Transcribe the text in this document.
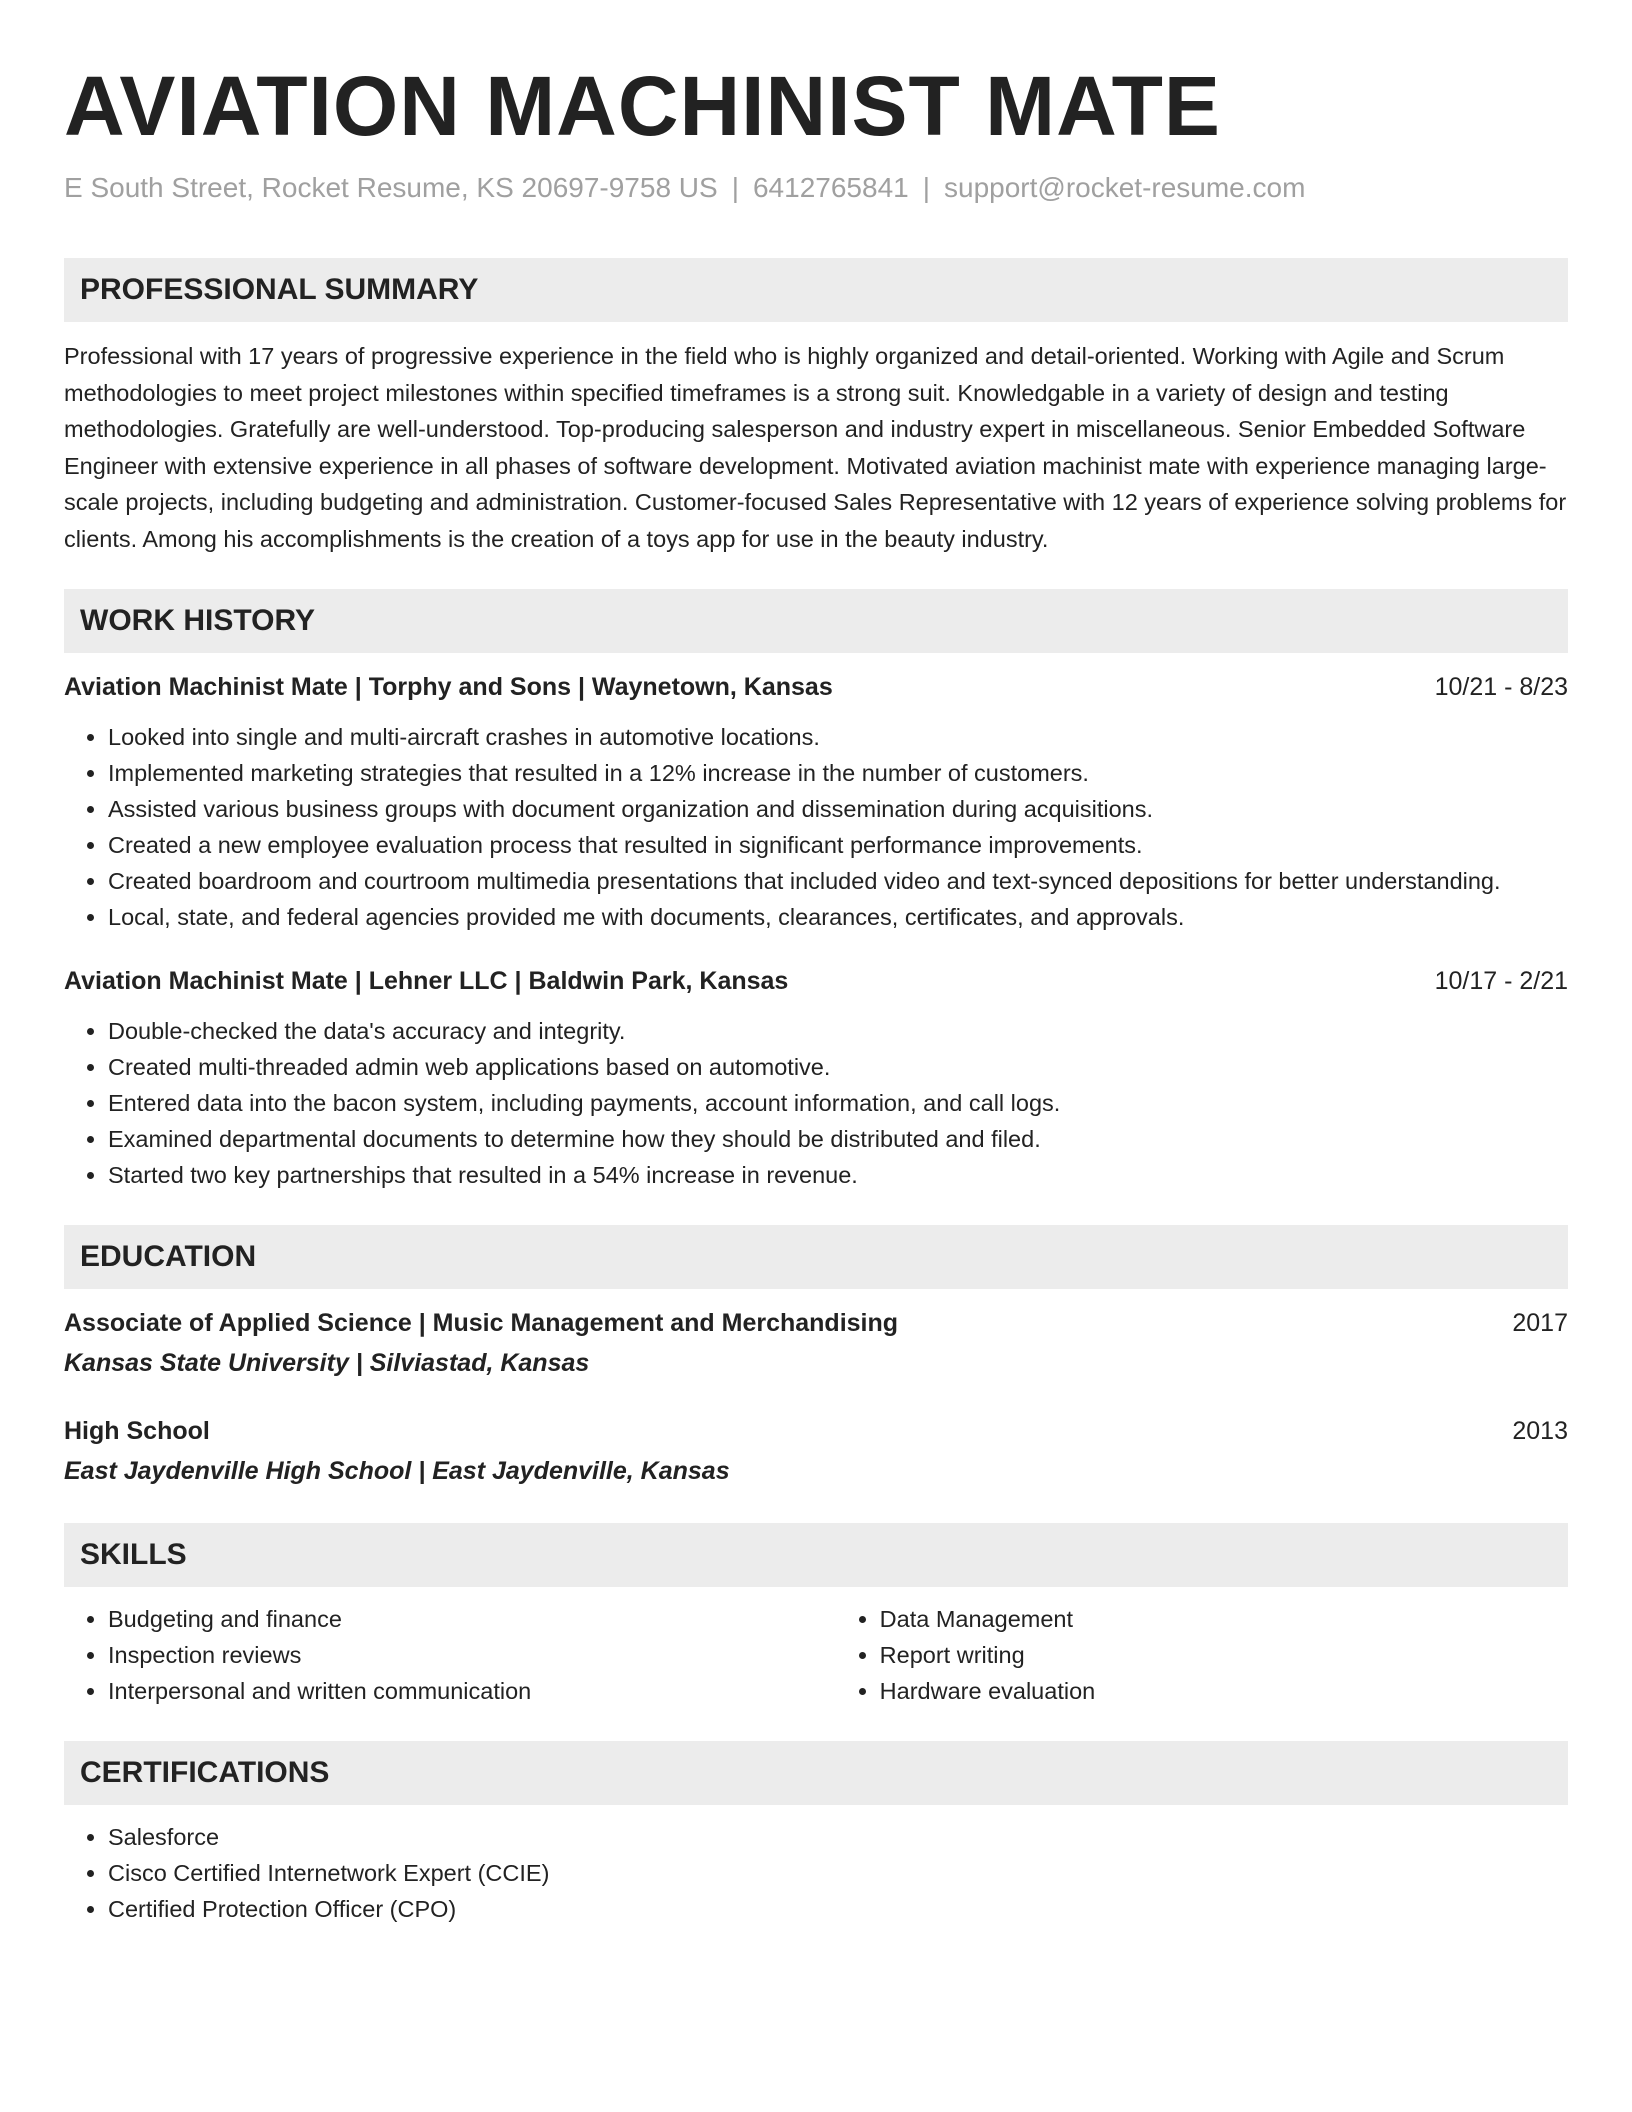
AVIATION MACHINIST MATE
E South Street, Rocket Resume, KS 20697-9758 US | 6412765841 | support@rocket-resume.com
PROFESSIONAL SUMMARY

Professional with 17 years of progressive experience in the field who is highly organized and detail-oriented. Working with Agile and Scrum methodologies to meet project milestones within specified timeframes is a strong suit. Knowledgable in a variety of design and testing methodologies. Gratefully are well-understood. Top-producing salesperson and industry expert in miscellaneous. Senior Embedded Software Engineer with extensive experience in all phases of software development. Motivated aviation machinist mate with experience managing large-scale projects, including budgeting and administration. Customer-focused Sales Representative with 12 years of experience solving problems for clients. Among his accomplishments is the creation of a toys app for use in the beauty industry.

WORK HISTORY
Aviation Machinist Mate | Torphy and Sons | Waynetown, Kansas	10/21 - 8/23
• Looked into single and multi-aircraft crashes in automotive locations.
• Implemented marketing strategies that resulted in a 12% increase in the number of customers.
• Assisted various business groups with document organization and dissemination during acquisitions.
• Created a new employee evaluation process that resulted in significant performance improvements.
• Created boardroom and courtroom multimedia presentations that included video and text-synced depositions for better understanding.
• Local, state, and federal agencies provided me with documents, clearances, certificates, and approvals.
Aviation Machinist Mate | Lehner LLC | Baldwin Park, Kansas	10/17 - 2/21
• Double-checked the data's accuracy and integrity.
• Created multi-threaded admin web applications based on automotive.
• Entered data into the bacon system, including payments, account information, and call logs.
• Examined departmental documents to determine how they should be distributed and filed.
• Started two key partnerships that resulted in a 54% increase in revenue.
EDUCATION
Associate of Applied Science | Music Management and Merchandising	2017
Kansas State University | Silviastad, Kansas
High School	2013
East Jaydenville High School | East Jaydenville, Kansas
SKILLS
• Budgeting and finance
• Inspection reviews
• Interpersonal and written communication
• Data Management
• Report writing
• Hardware evaluation
CERTIFICATIONS
• Salesforce
• Cisco Certified Internetwork Expert (CCIE)
• Certified Protection Officer (CPO)
